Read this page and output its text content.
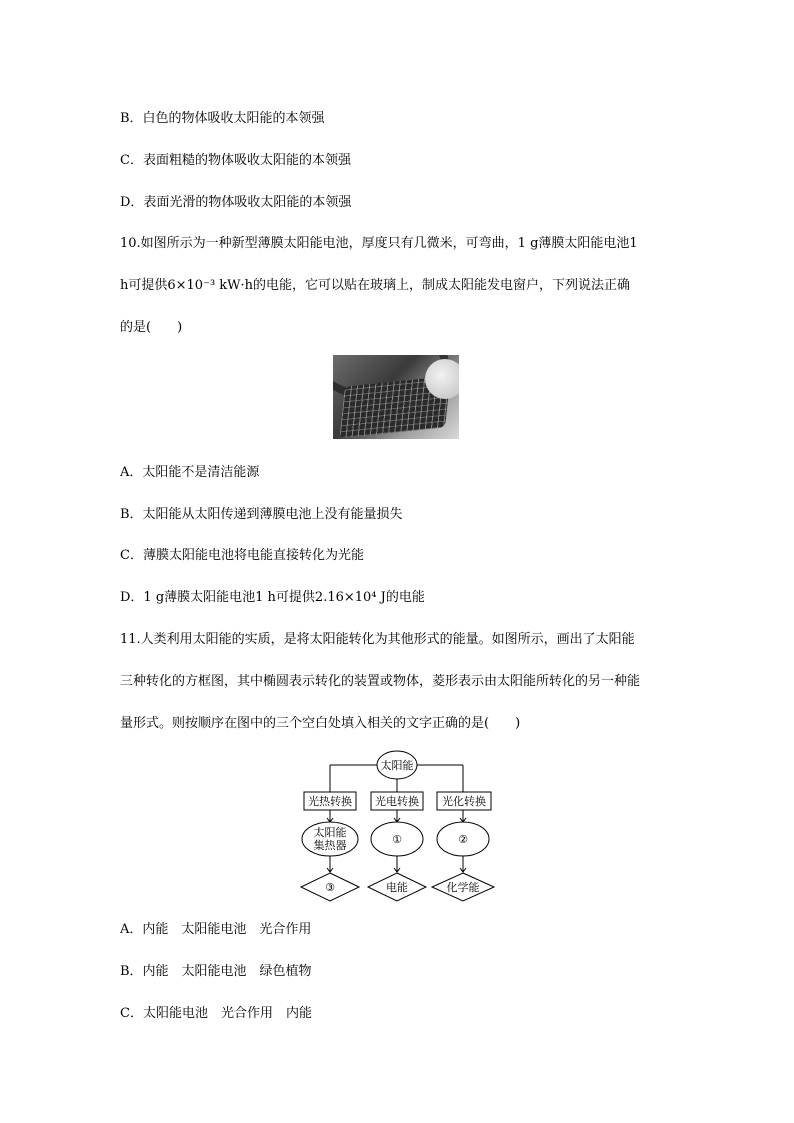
B．白色的物体吸收太阳能的本领强
C．表面粗糙的物体吸收太阳能的本领强
D．表面光滑的物体吸收太阳能的本领强
10.如图所示为一种新型薄膜太阳能电池，厚度只有几微米，可弯曲，1 g薄膜太阳能电池1
h可提供6×10⁻³ kW·h的电能，它可以贴在玻璃上，制成太阳能发电窗户，下列说法正确
的是(　　)
A．太阳能不是清洁能源
B．太阳能从太阳传递到薄膜电池上没有能量损失
C．薄膜太阳能电池将电能直接转化为光能
D．1 g薄膜太阳能电池1 h可提供2.16×10⁴ J的电能
11.人类利用太阳能的实质，是将太阳能转化为其他形式的能量。如图所示，画出了太阳能
三种转化的方框图，其中椭圆表示转化的装置或物体，菱形表示由太阳能所转化的另一种能
量形式。则按顺序在图中的三个空白处填入相关的文字正确的是(　　)
太阳能
光热转换
太阳能
集热器
③
光电转换
①
电能
光化转换
②
化学能
A．内能　太阳能电池　光合作用
B．内能　太阳能电池　绿色植物
C．太阳能电池　光合作用　内能
